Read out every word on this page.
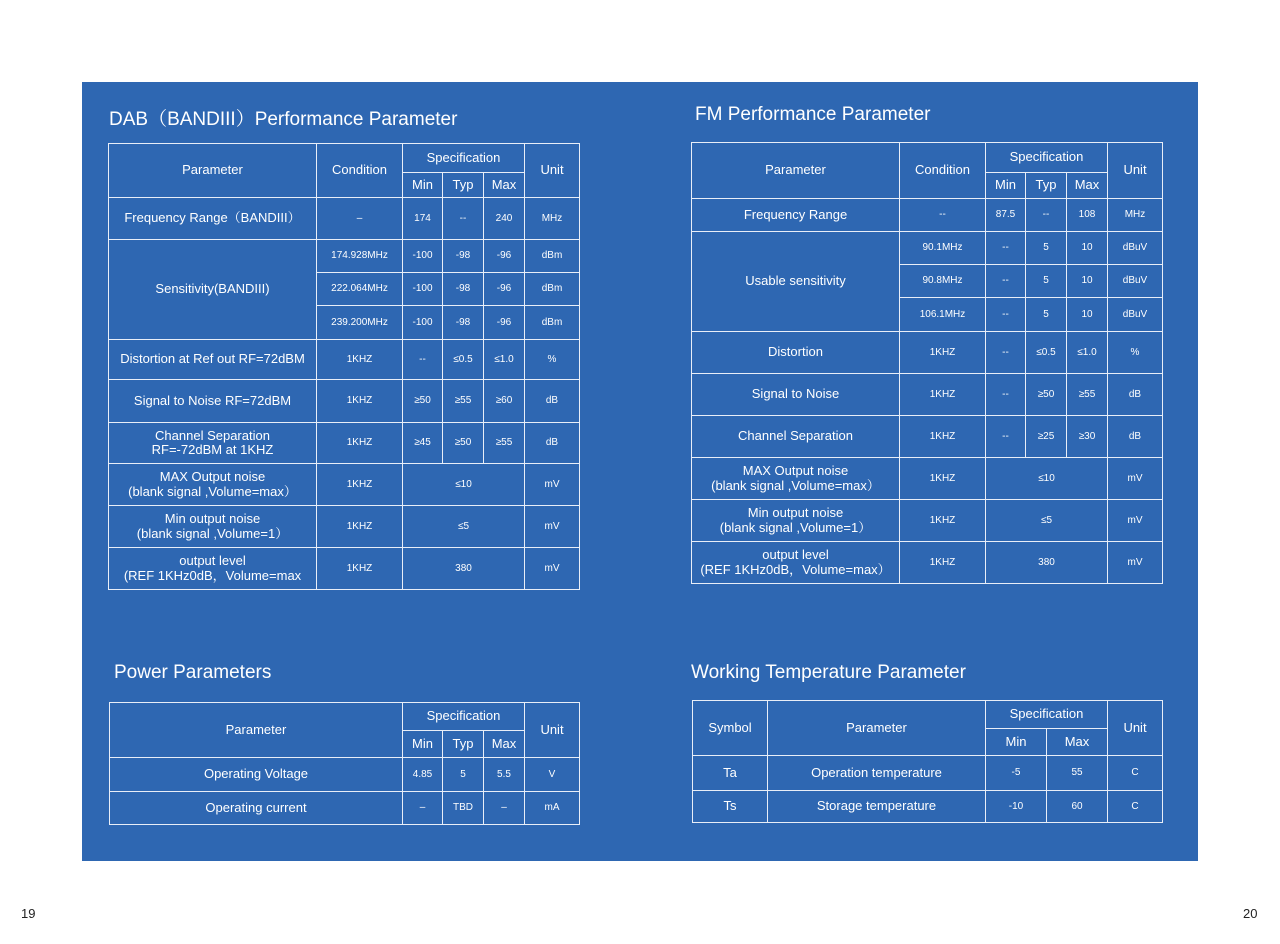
DAB（BANDIII）Performance Parameter
Parameter	Condition	Specification			Unit
		Min	Typ	Max	
Frequency Range（BANDIII）	–	174	--	240	MHz
Sensitivity(BANDIII)	174.928MHz	-100	-98	-96	dBm
	222.064MHz	-100	-98	-96	dBm
	239.200MHz	-100	-98	-96	dBm
Distortion at Ref out RF=72dBM	1KHZ	--	≤0.5	≤1.0	%
Signal to Noise RF=72dBM	1KHZ	≥50	≥55	≥60	dB

Channel Separation
RF=-72dBM at 1KHZ	1KHZ	≥45	≥50	≥55	dB

MAX Output noise
(blank signal ,Volume=max）	1KHZ	≤10			mV

Min output noise
(blank signal ,Volume=1）	1KHZ	≤5			mV

output level
(REF 1KHz0dB，Volume=max	1KHZ	380			mV
FM Performance Parameter
Parameter	Condition	Specification			Unit
		Min	Typ	Max	
Frequency Range	--	87.5	--	108	MHz
Usable sensitivity	90.1MHz	--	5	10	dBuV
	90.8MHz	--	5	10	dBuV
	106.1MHz	--	5	10	dBuV
Distortion	1KHZ	--	≤0.5	≤1.0	%
Signal to Noise	1KHZ	--	≥50	≥55	dB
Channel Separation	1KHZ	--	≥25	≥30	dB

MAX Output noise
(blank signal ,Volume=max）	1KHZ	≤10			mV

Min output noise
(blank signal ,Volume=1）	1KHZ	≤5			mV

output level
(REF 1KHz0dB，Volume=max）	1KHZ	380			mV
Power Parameters
Parameter	Specification			Unit
	Min	Typ	Max	
Operating Voltage	4.85	5	5.5	V
Operating current	–	TBD	–	mA
Working Temperature Parameter
Symbol	Parameter	Specification		Unit
		Min	Max	
Ta	Operation temperature	-5	55	C
Ts	Storage temperature	-10	60	C
19	20
